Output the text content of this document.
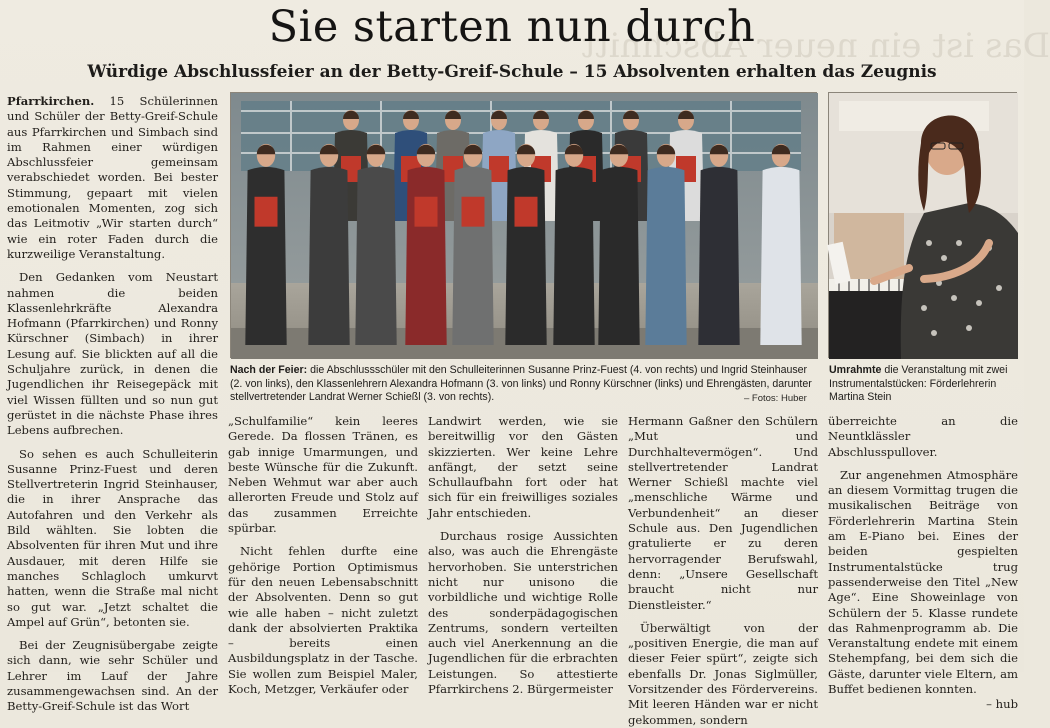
Das ist ein neuer Abschnitt
Sie starten nun durch
Würdige Abschlussfeier an der Betty-Greif-Schule – 15 Absolventen erhalten das Zeugnis

Pfarrkirchen. 15 Schülerinnen und Schüler der Betty-Greif-Schule aus Pfarrkirchen und Simbach sind im Rahmen einer würdigen Abschlussfeier gemeinsam verabschiedet worden. Bei bester Stimmung, gepaart mit vielen emotionalen Momenten, zog sich das Leitmotiv „Wir starten durch“ wie ein roter Faden durch die kurzweilige Veranstaltung.

Den Gedanken vom Neustart nahmen die beiden Klassenlehrkräfte Alexandra Hofmann (Pfarrkirchen) und Ronny Kürschner (Simbach) in ihrer Lesung auf. Sie blickten auf all die Schuljahre zurück, in denen die Jugendlichen ihr Reisegepäck mit viel Wissen füllten und so nun gut gerüstet in die nächste Phase ihres Lebens aufbrechen.

So sehen es auch Schulleiterin Susanne Prinz-Fuest und deren Stellvertreterin Ingrid Steinhauser, die in ihrer Ansprache das Autofahren und den Verkehr als Bild wählten. Sie lobten die Absolventen für ihren Mut und ihre Ausdauer, mit deren Hilfe sie manches Schlagloch umkurvt hatten, wenn die Straße mal nicht so gut war. „Jetzt schaltet die Ampel auf Grün“, betonten sie.

Bei der Zeugnisübergabe zeigte sich dann, wie sehr Schüler und Lehrer im Lauf der Jahre zusammengewachsen sind. An der Betty-Greif-Schule ist das Wort

Nach der Feier: die Abschlussschüler mit den Schulleiterinnen Susanne Prinz-Fuest (4. von rechts) und Ingrid Steinhauser (2. von links), den Klassenlehrern Alexandra Hofmann (3. von links) und Ronny Kürschner (links) und Ehrengästen, darunter stellvertretender Landrat Werner Schießl (3. von rechts).	– Fotos: Huber
Umrahmte die Veranstaltung mit zwei Instrumentalstücken: Förderlehrerin Martina Stein

„Schulfamilie“ kein leeres Gerede. Da flossen Tränen, es gab innige Umarmungen, und beste Wünsche für die Zukunft. Neben Wehmut war aber auch allerorten Freude und Stolz auf das zusammen Erreichte spürbar.

Nicht fehlen durfte eine gehörige Portion Optimismus für den neuen Lebensabschnitt der Absolventen. Denn so gut wie alle haben – nicht zuletzt dank der absolvierten Praktika – bereits einen Ausbildungsplatz in der Tasche. Sie wollen zum Beispiel Maler, Koch, Metzger, Verkäufer oder

Landwirt werden, wie sie bereitwillig vor den Gästen skizzierten. Wer keine Lehre anfängt, der setzt seine Schullaufbahn fort oder hat sich für ein freiwilliges soziales Jahr entschieden.

Durchaus rosige Aussichten also, was auch die Ehrengäste hervorhoben. Sie unterstrichen nicht nur unisono die vorbildliche und wichtige Rolle des sonderpädagogischen Zentrums, sondern verteilten auch viel Anerkennung an die Jugendlichen für die erbrachten Leistungen. So attestierte Pfarrkirchens 2. Bürgermeister

Hermann Gaßner den Schülern „Mut und Durchhaltevermögen“. Und stellvertretender Landrat Werner Schießl machte viel „menschliche Wärme und Verbundenheit“ an dieser Schule aus. Den Jugendlichen gratulierte er zu deren hervorragender Berufswahl, denn: „Unsere Gesellschaft braucht nicht nur Dienstleister.“

Überwältigt von der „positiven Energie, die man auf dieser Feier spürt“, zeigte sich ebenfalls Dr. Jonas Siglmüller, Vorsitzender des Fördervereins. Mit leeren Händen war er nicht gekommen, sondern

überreichte an die Neuntklässler Abschlusspullover.

Zur angenehmen Atmosphäre an diesem Vormittag trugen die musikalischen Beiträge von Förderlehrerin Martina Stein am E-Piano bei. Eines der beiden gespielten Instrumentalstücke trug passenderweise den Titel „New Age“. Eine Showeinlage von Schülern der 5. Klasse rundete das Rahmenprogramm ab. Die Veranstaltung endete mit einem Stehempfang, bei dem sich die Gäste, darunter viele Eltern, am Buffet bedienen konnten.

– hub
